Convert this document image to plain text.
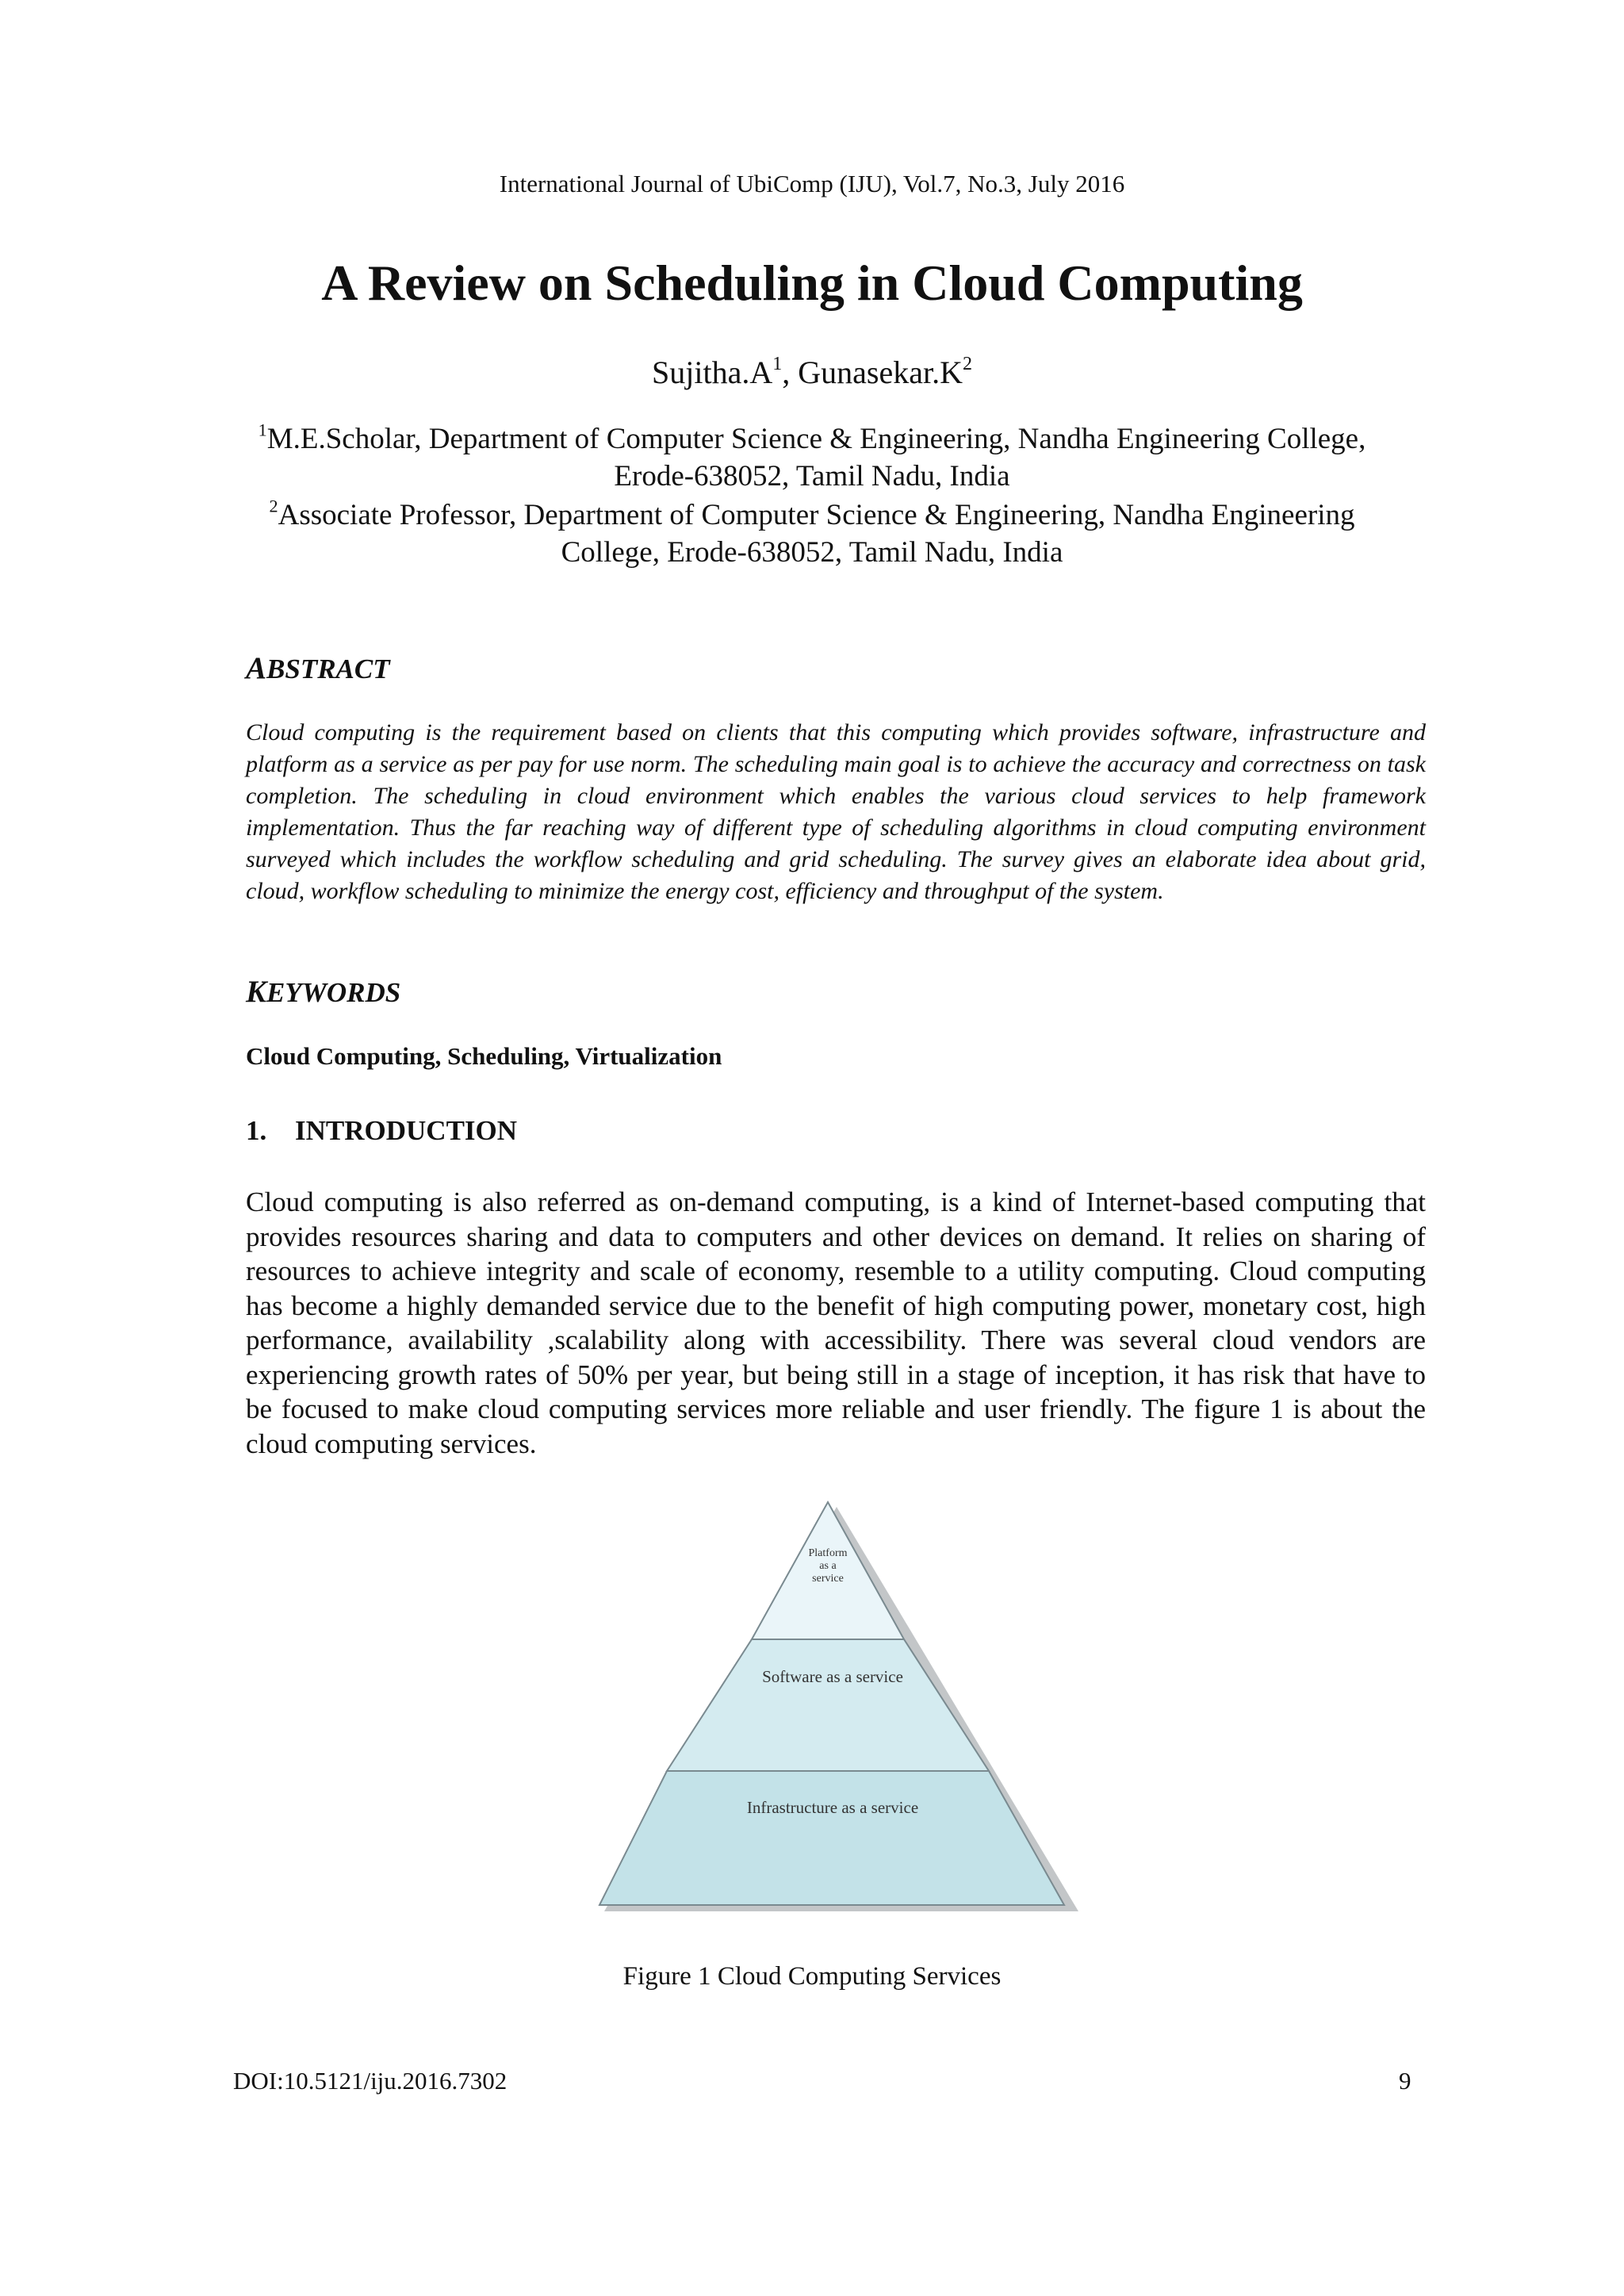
International Journal of UbiComp (IJU), Vol.7, No.3, July 2016
A Review on Scheduling in Cloud Computing
$Sujitha.A^1$, $Gunasekar.K^2$
$^1$M.E.Scholar, Department of Computer Science & Engineering, Nandha Engineering College, Erode-638052, Tamil Nadu, India
$^2$Associate Professor, Department of Computer Science & Engineering, Nandha Engineering College, Erode-638052, Tamil Nadu, India
ABSTRACT
Cloud computing is the requirement based on clients that this computing which provides software, infrastructure and platform as a service as per pay for use norm. The scheduling main goal is to achieve the accuracy and correctness on task completion. The scheduling in cloud environment which enables the various cloud services to help framework implementation. Thus the far reaching way of different type of scheduling algorithms in cloud computing environment surveyed which includes the workflow scheduling and grid scheduling. The survey gives an elaborate idea about grid, cloud, workflow scheduling to minimize the energy cost, efficiency and throughput of the system.
KEYWORDS
Cloud Computing, Scheduling, Virtualization
1. INTRODUCTION
Cloud computing is also referred as on-demand computing, is a kind of Internet-based computing that provides resources sharing and data to computers and other devices on demand. It relies on sharing of resources to achieve integrity and scale of economy, resemble to a utility computing. Cloud computing has become a highly demanded service due to the benefit of high computing power, monetary cost, high performance, availability ,scalability along with accessibility. There was several cloud vendors are experiencing growth rates of 50% per year, but being still in a stage of inception, it has risk that have to be focused to make cloud computing services more reliable and user friendly. The figure 1 is about the cloud computing services.
Platform
as a
service
Software as a service
Infrastructure as a service
Figure 1 Cloud Computing Services
DOI:10.5121/iju.2016.7302	9
